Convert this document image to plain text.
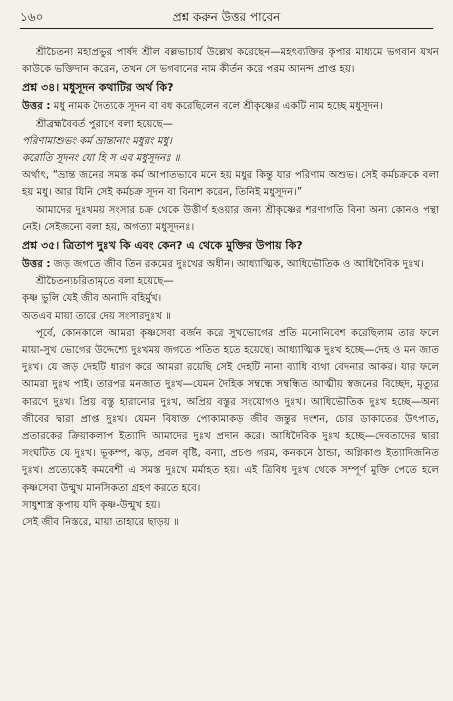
১৬০	প্রশ্ন করুন উত্তর পাবেন

শ্রীচৈতন্য মহাপ্রভুর পার্ষদ শ্রীল বল্লভাচার্য উল্লেখ করেছেন—মহৎব্যক্তির কৃপার মাধ্যমে ভগবান যখন কাউকে ভক্তিদান করেন, তখন সে ভগবানের নাম কীর্তন করে পরম আনন্দ প্রাপ্ত হয়।

প্রশ্ন ৩৪। মধুসূদন কথাটির অর্থ কি?

উত্তর : মধু নামক দৈত্যকে সূদন বা বধ করেছিলেন বলে শ্রীকৃষ্ণের একটি নাম হচ্ছে মধুসূদন।

শ্রীব্রহ্মবৈবর্ত পুরাণে বলা হয়েছে—

পরিণামাশুভং কর্ম ভ্রান্তানাং মধুরং মধু।

করোতি সূদনং যো হি স এব মধুসূদনঃ ॥

অর্থাৎ, “ভ্রান্ত জনের সমস্ত কর্ম আপাতভাবে মনে হয় মধুর কিন্তু যার পরিণাম অশুভ। সেই কর্মচক্রকে বলা হয় মধু। আর যিনি সেই কর্মচক্র সূদন বা বিনাশ করেন, তিনিই মধুসূদন।”

আমাদের দুঃখময় সংসার চক্র থেকে উত্তীর্ণ হওয়ার জন্য শ্রীকৃষ্ণের শরণাগতি বিনা অন্য কোনও পন্থা নেই। সেইজন্যে বলা হয়, অগত্যা মধুসূদনঃ।

প্রশ্ন ৩৫। ত্রিতাপ দুঃখ কি এবং কেন? এ থেকে মুক্তির উপায় কি?

উত্তর : জড় জগতে জীব তিন রকমের দুঃখের অধীন। আধ্যাত্মিক, আধিভৌতিক ও আধিদৈবিক দুঃখ।

শ্রীচৈতন্যচরিতামৃতে বলা হয়েছে—

কৃষ্ণ ভুলি যেই জীব অনাদি বহির্মুখ।

অতএব মায়া তারে দেয় সংসারদুঃখ ॥

পূর্বে, কোনকালে আমরা কৃষ্ণসেবা বর্জন করে সুখভোগের প্রতি মনোনিবেশ করেছিলাম তার ফলে মায়া-সুখ ভোগের উদ্দেশ্যে দুঃখময় জগতে পতিত হতে হয়েছে। আধ্যাত্মিক দুঃখ হচ্ছে—দেহ ও মন জাত দুঃখ। যে জড় দেহটি ধারণ করে আমরা রয়েছি সেই দেহটি নানা ব্যাধি ব্যথা বেদনার আকর। যার ফলে আমরা দুঃখ পাই। তারপর মনজাত দুঃখ—যেমন দৈহিক সম্বন্ধে সম্বন্ধিত আত্মীয় স্বজনের বিচ্ছেদ, মৃত্যুর কারণে দুঃখ। প্রিয় বস্তু হারানোর দুঃখ, অপ্রিয় বস্তুর সংযোগও দুঃখ। আধিভৌতিক দুঃখ হচ্ছে—অন্য জীবের দ্বারা প্রাপ্ত দুঃখ। যেমন বিষাক্ত পোকামাকড় জীব জন্তুর দংশন, চোর ডাকাতের উৎপাত, প্রতারকের ক্রিয়াকলাপ ইত্যাদি আমাদের দুঃখ প্রদান করে। আধিদৈবিক দুঃখ হচ্ছে—দেবতাদের দ্বারা সংঘটিত যে দুঃখ। ভূকম্প, ঝড়, প্রবল বৃষ্টি, বন্যা, প্রচণ্ড গরম, কনকনে ঠান্ডা, অগ্নিকাণ্ড ইত্যাদিজনিত দুঃখ। প্রত্যেকেই কমবেশী এ সমস্ত দুঃখে মর্মাহত হয়। এই ত্রিবিধ দুঃখ থেকে সম্পূর্ণ মুক্তি পেতে হলে কৃষ্ণসেবা উন্মুখ মানসিকতা গ্রহণ করতে হবে।

সাধুশাস্ত্র কৃপায় যদি কৃষ্ণ-উন্মুখ হয়।

সেই জীব নিস্তরে, মায়া তাহারে ছাড়য় ॥
